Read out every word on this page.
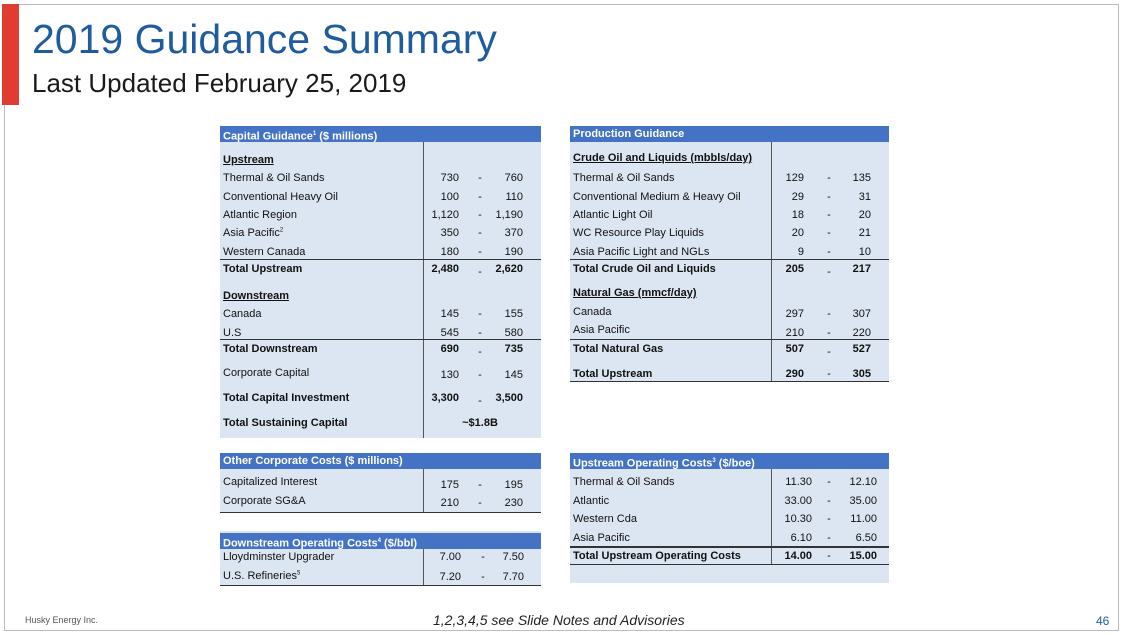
2019 Guidance Summary
Last Updated February 25, 2019
Capital Guidance$^1$ ($ millions)
Upstream
Thermal & Oil Sands	730 -	760
Conventional Heavy Oil	100 -	110
Atlantic Region	1,120 -	1,190
Asia Pacific$^2$	350 -	370
Western Canada	180 -	190
Total Upstream	2,480 -	2,620
Downstream
Canada	145 -	155
U.S	545 -	580
Total Downstream	690 -	735
Corporate Capital	130 -	145
Total Capital Investment	3,300 -	3,500
Total Sustaining Capital	~$1.8B
Production Guidance
Crude Oil and Liquids (mbbls/day)
Thermal & Oil Sands	129 -	135
Conventional Medium & Heavy Oil	29 -	31
Atlantic Light Oil	18 -	20
WC Resource Play Liquids	20 -	21
Asia Pacific Light and NGLs	9 -	10
Total Crude Oil and Liquids	205 -	217
Natural Gas (mmcf/day)
Canada	297 -	307
Asia Pacific	210 -	220
Total Natural Gas	507 -	527
Total Upstream	290 -	305
Other Corporate Costs ($ millions)
Capitalized Interest	175 -	195
Corporate SG&A	210 -	230
Downstream Operating Costs$^4$ ($/bbl)
Lloydminster Upgrader	7.00 -	7.50
U.S. Refineries$^5$	7.20 -	7.70
Upstream Operating Costs$^3$ ($/boe)
Thermal & Oil Sands	11.30 -	12.10
Atlantic	33.00 -	35.00
Western Cda	10.30 -	11.00
Asia Pacific	6.10 -	6.50
Total Upstream Operating Costs	14.00 -	15.00
Husky Energy Inc.	1,2,3,4,5 see Slide Notes and Advisories	46
